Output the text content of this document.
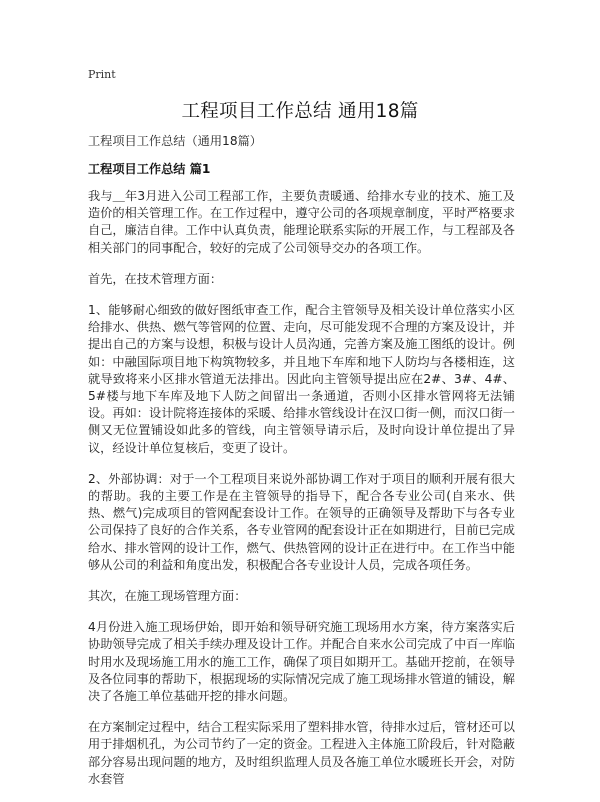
Print

工程项目工作总结 通用18篇

工程项目工作总结（通用18篇）

工程项目工作总结 篇1

我与＿年3月进入公司工程部工作，主要负责暖通、给排水专业的技术、施工及造价的相关管理工作。在工作过程中，遵守公司的各项规章制度，平时严格要求自己，廉洁自律。工作中认真负责，能理论联系实际的开展工作，与工程部及各相关部门的同事配合，较好的完成了公司领导交办的各项工作。

首先，在技术管理方面：

1、能够耐心细致的做好图纸审查工作，配合主管领导及相关设计单位落实小区给排水、供热、燃气等管网的位置、走向，尽可能发现不合理的方案及设计，并提出自己的方案与设想，积极与设计人员沟通，完善方案及施工图纸的设计。例如：中融国际项目地下构筑物较多，并且地下车库和地下人防均与各楼相连，这就导致将来小区排水管道无法排出。因此向主管领导提出应在2#、3#、4#、5#楼与地下车库及地下人防之间留出一条通道，否则小区排水管网将无法铺设。再如：设计院将连接体的采暖、给排水管线设计在汉口街一侧，而汉口街一侧又无位置铺设如此多的管线，向主管领导请示后，及时向设计单位提出了异议，经设计单位复核后，变更了设计。

2、外部协调：对于一个工程项目来说外部协调工作对于项目的顺利开展有很大的帮助。我的主要工作是在主管领导的指导下，配合各专业公司(自来水、供热、燃气)完成项目的管网配套设计工作。在领导的正确领导及帮助下与各专业公司保持了良好的合作关系，各专业管网的配套设计正在如期进行，目前已完成给水、排水管网的设计工作，燃气、供热管网的设计正在进行中。在工作当中能够从公司的利益和角度出发，积极配合各专业设计人员，完成各项任务。

其次，在施工现场管理方面：

4月份进入施工现场伊始，即开始和领导研究施工现场用水方案，待方案落实后协助领导完成了相关手续办理及设计工作。并配合自来水公司完成了中百一库临时用水及现场施工用水的施工工作，确保了项目如期开工。基础开挖前，在领导及各位同事的帮助下，根据现场的实际情况完成了施工现场排水管道的铺设，解决了各施工单位基础开挖的排水问题。

在方案制定过程中，结合工程实际采用了塑料排水管，待排水过后，管材还可以用于排烟机孔，为公司节约了一定的资金。工程进入主体施工阶段后，针对隐蔽部分容易出现问题的地方，及时组织监理人员及各施工单位水暖班长开会，对防水套管
